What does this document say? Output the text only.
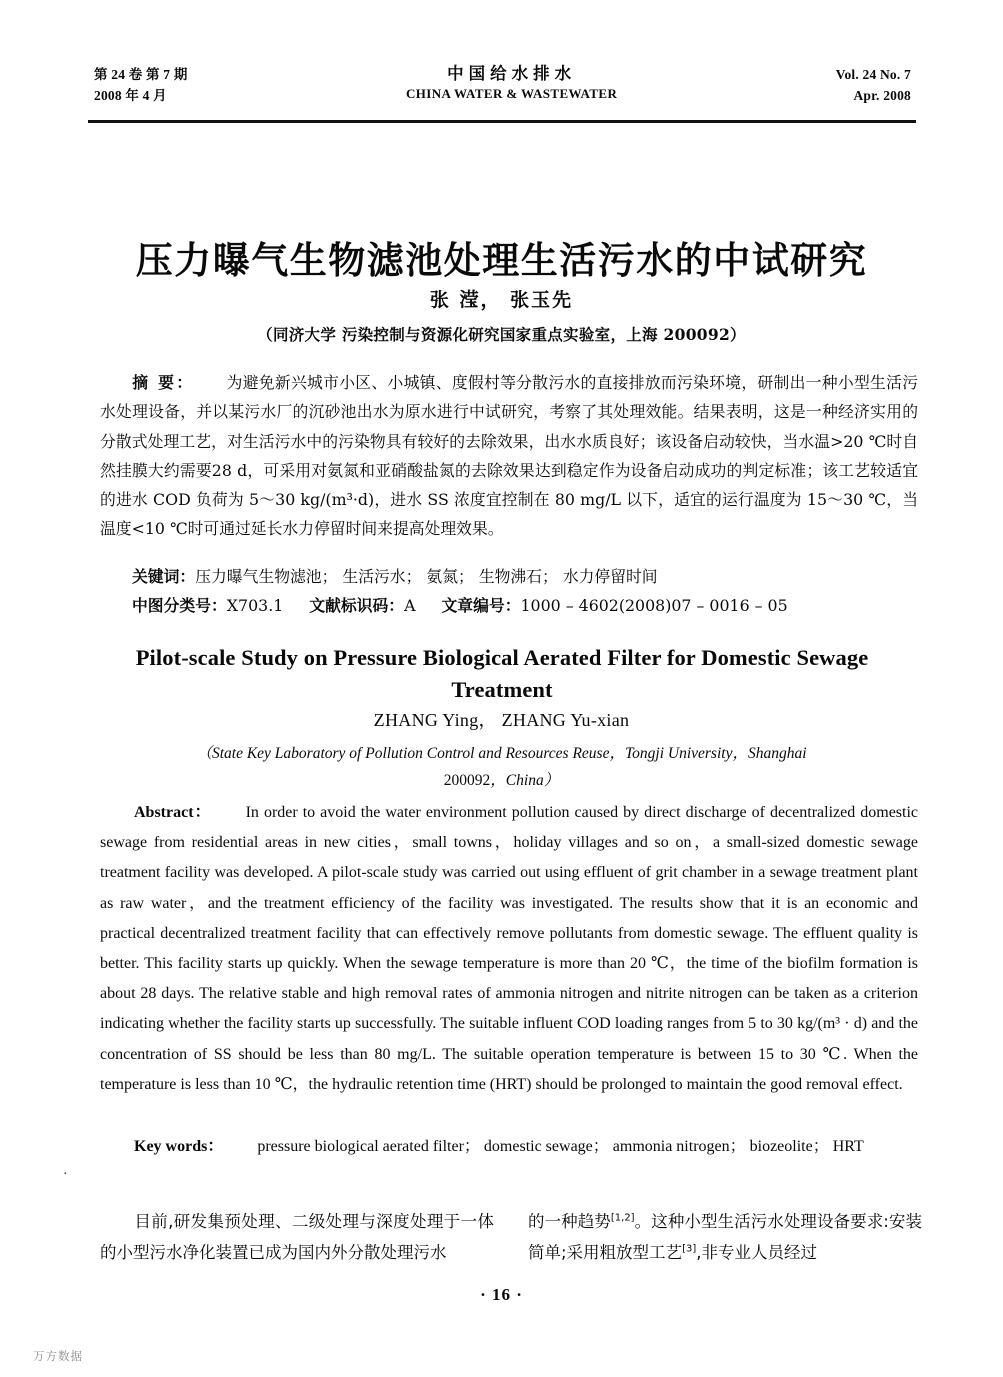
第 24 卷 第 7 期
2008 年 4 月
中国给水排水
CHINA WATER & WASTEWATER
Vol. 24 No. 7
Apr. 2008
压力曝气生物滤池处理生活污水的中试研究
张 滢， 张玉先
（同济大学 污染控制与资源化研究国家重点实验室，上海 200092）

摘 要： 为避免新兴城市小区、小城镇、度假村等分散污水的直接排放而污染环境，研制出一种小型生活污水处理设备，并以某污水厂的沉砂池出水为原水进行中试研究，考察了其处理效能。结果表明，这是一种经济实用的分散式处理工艺，对生活污水中的污染物具有较好的去除效果，出水水质良好；该设备启动较快，当水温>20 ℃时自然挂膜大约需要28 d，可采用对氨氮和亚硝酸盐氮的去除效果达到稳定作为设备启动成功的判定标准；该工艺较适宜的进水 COD 负荷为 5～30 kg/(m³·d)，进水 SS 浓度宜控制在 80 mg/L 以下，适宜的运行温度为 15～30 ℃，当温度<10 ℃时可通过延长水力停留时间来提高处理效果。

关键词：压力曝气生物滤池； 生活污水； 氨氮； 生物沸石； 水力停留时间
中图分类号：X703.1 文献标识码：A 文章编号：1000 – 4602(2008)07 – 0016 – 05
Pilot-scale Study on Pressure Biological Aerated Filter for Domestic Sewage
Treatment
ZHANG Ying， ZHANG Yu-xian
（State Key Laboratory of Pollution Control and Resources Reuse，Tongji University，Shanghai
200092，China）

Abstract： In order to avoid the water environment pollution caused by direct discharge of decentralized domestic sewage from residential areas in new cities，small towns，holiday villages and so on，a small-sized domestic sewage treatment facility was developed. A pilot-scale study was carried out using effluent of grit chamber in a sewage treatment plant as raw water，and the treatment efficiency of the facility was investigated. The results show that it is an economic and practical decentralized treatment facility that can effectively remove pollutants from domestic sewage. The effluent quality is better. This facility starts up quickly. When the sewage temperature is more than 20 ℃，the time of the biofilm formation is about 28 days. The relative stable and high removal rates of ammonia nitrogen and nitrite nitrogen can be taken as a criterion indicating whether the facility starts up successfully. The suitable influent COD loading ranges from 5 to 30 kg/(m³ · d) and the concentration of SS should be less than 80 mg/L. The suitable operation temperature is between 15 to 30 ℃. When the temperature is less than 10 ℃，the hydraulic retention time (HRT) should be prolonged to maintain the good removal effect.

Key words： pressure biological aerated filter； domestic sewage； ammonia nitrogen； biozeolite； HRT

目前,研发集预处理、二级处理与深度处理于一体的小型污水净化装置已成为国内外分散处理污水

的一种趋势[1,2]。这种小型生活污水处理设备要求:安装简单;采用粗放型工艺[3],非专业人员经过

·
· 16 ·
万方数据
